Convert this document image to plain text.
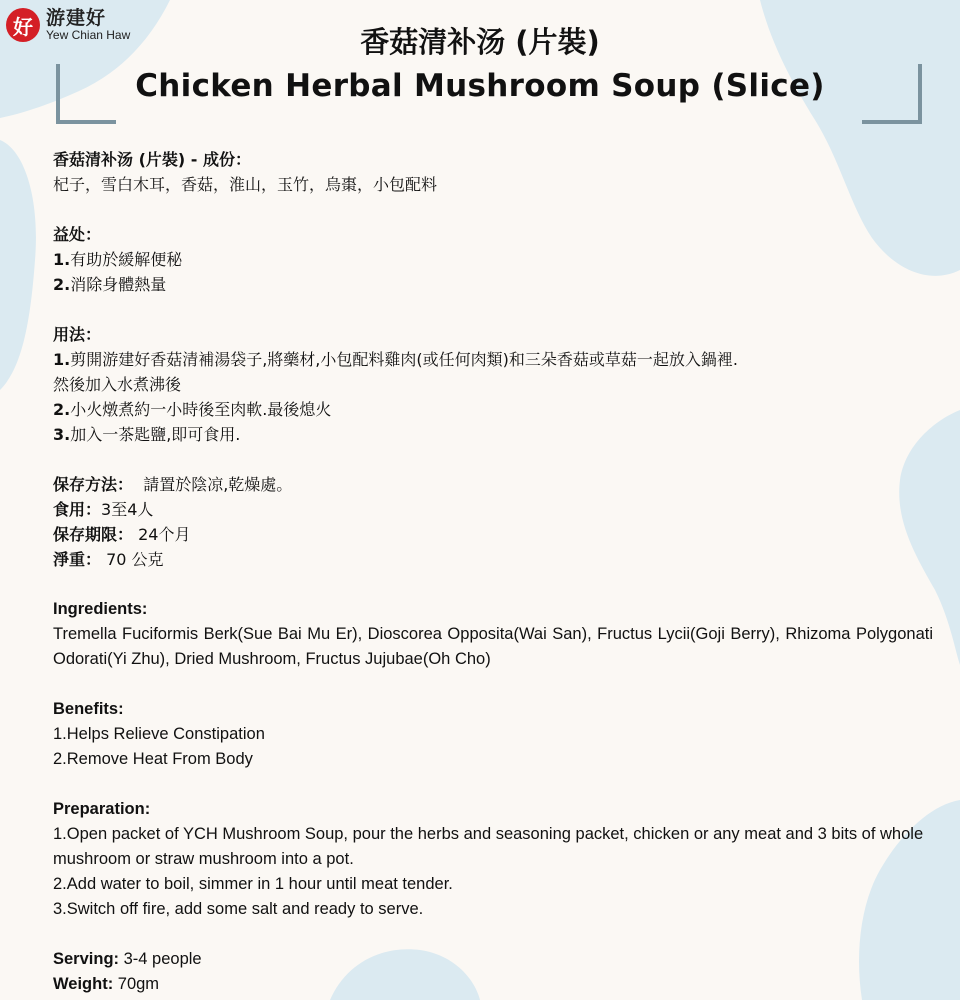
好 游建好
Yew Chian Haw	香菇清补汤 (片裝)
Chicken Herbal Mushroom Soup (Slice)

香菇清补汤 (片裝) - 成份：

杞子，雪白木耳，香菇，淮山，玉竹，烏棗，小包配料

益处：

1.有助於緩解便秘

2.消除身體熱量

用法：

1.剪開游建好香菇清補湯袋子,將藥材,小包配料雞肉(或任何肉類)和三朵香菇或草菇一起放入鍋裡.

然後加入水煮沸後

2.小火燉煮約一小時後至肉軟.最後熄火

3.加入一茶匙鹽,即可食用.

保存方法：  請置於陰凉,乾燥處。

食用：3至4人

保存期限： 24个月

淨重： 70 公克

Ingredients:

Tremella Fuciformis Berk(Sue Bai Mu Er), Dioscorea Opposita(Wai San), Fructus Lycii(Goji Berry), Rhizoma Polygonati Odorati(Yi Zhu), Dried Mushroom, Fructus Jujubae(Oh Cho)

Benefits:

1.Helps Relieve Constipation

2.Remove Heat From Body

Preparation:

1.Open packet of YCH Mushroom Soup, pour the herbs and seasoning packet, chicken or any meat and 3 bits of whole mushroom or straw mushroom into a pot.

2.Add water to boil, simmer in 1 hour until meat tender.

3.Switch off fire, add some salt and ready to serve.

Serving: 3-4 people

Weight: 70gm
